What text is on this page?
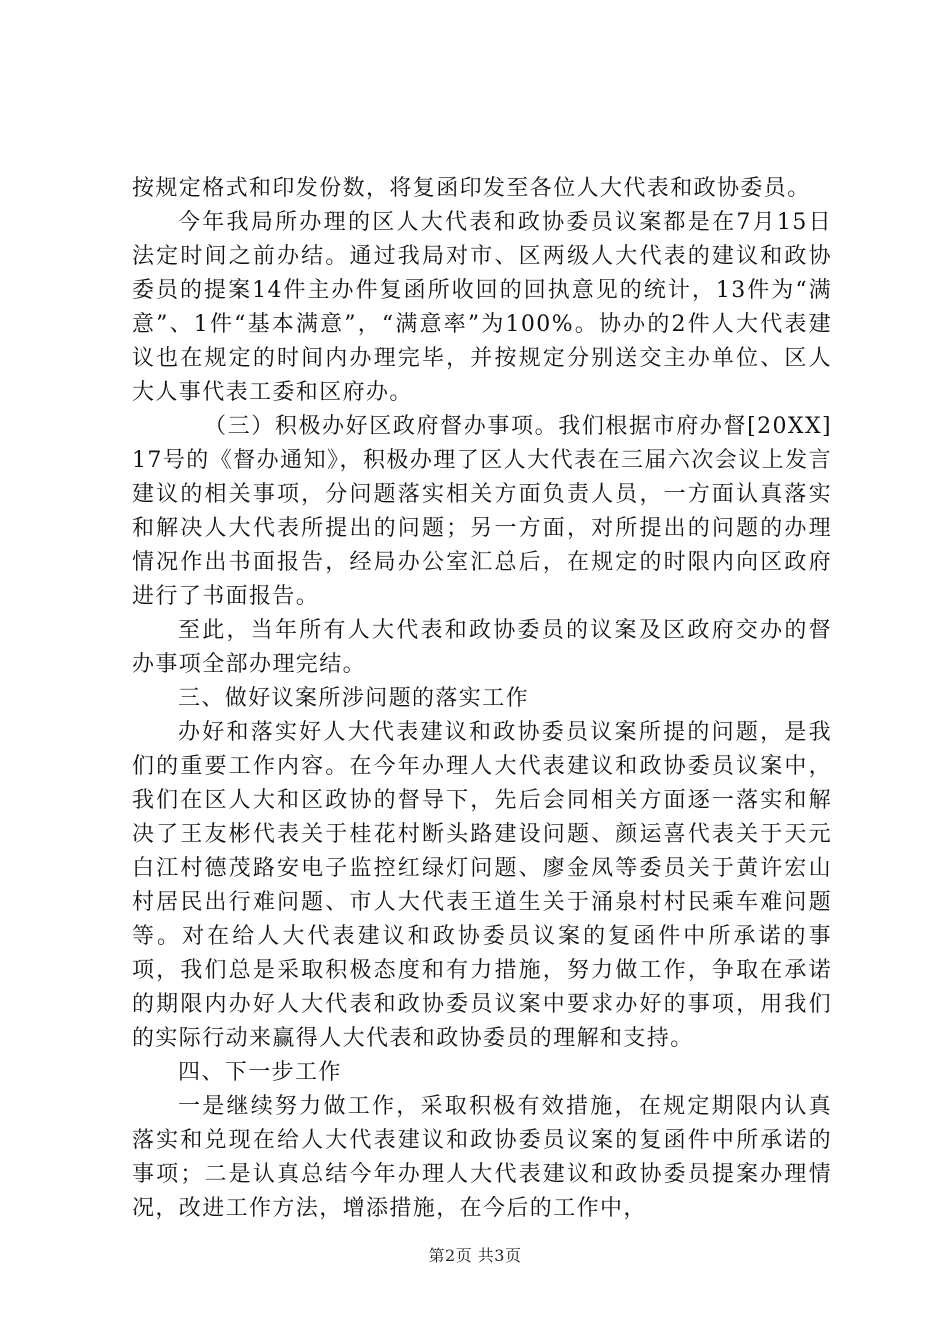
按规定格式和印发份数，将复函印发至各位人大代表和政协委员。

今年我局所办理的区人大代表和政协委员议案都是在7月15日法定时间之前办结。通过我局对市、区两级人大代表的建议和政协委员的提案14件主办件复函所收回的回执意见的统计，13件为“满意”、1件“基本满意”，“满意率”为100%。协办的2件人大代表建议也在规定的时间内办理完毕，并按规定分别送交主办单位、区人大人事代表工委和区府办。

（三）积极办好区政府督办事项。我们根据市府办督[20XX]17号的《督办通知》，积极办理了区人大代表在三届六次会议上发言建议的相关事项，分问题落实相关方面负责人员，一方面认真落实和解决人大代表所提出的问题；另一方面，对所提出的问题的办理情况作出书面报告，经局办公室汇总后，在规定的时限内向区政府进行了书面报告。

至此，当年所有人大代表和政协委员的议案及区政府交办的督办事项全部办理完结。

三、做好议案所涉问题的落实工作

办好和落实好人大代表建议和政协委员议案所提的问题，是我们的重要工作内容。在今年办理人大代表建议和政协委员议案中，我们在区人大和区政协的督导下，先后会同相关方面逐一落实和解决了王友彬代表关于桂花村断头路建设问题、颜运喜代表关于天元白江村德茂路安电子监控红绿灯问题、廖金凤等委员关于黄许宏山村居民出行难问题、市人大代表王道生关于涌泉村村民乘车难问题等。对在给人大代表建议和政协委员议案的复函件中所承诺的事项，我们总是采取积极态度和有力措施，努力做工作，争取在承诺的期限内办好人大代表和政协委员议案中要求办好的事项，用我们的实际行动来赢得人大代表和政协委员的理解和支持。

四、下一步工作

一是继续努力做工作，采取积极有效措施，在规定期限内认真落实和兑现在给人大代表建议和政协委员议案的复函件中所承诺的事项；二是认真总结今年办理人大代表建议和政协委员提案办理情况，改进工作方法，增添措施，在今后的工作中，

第2页 共3页
